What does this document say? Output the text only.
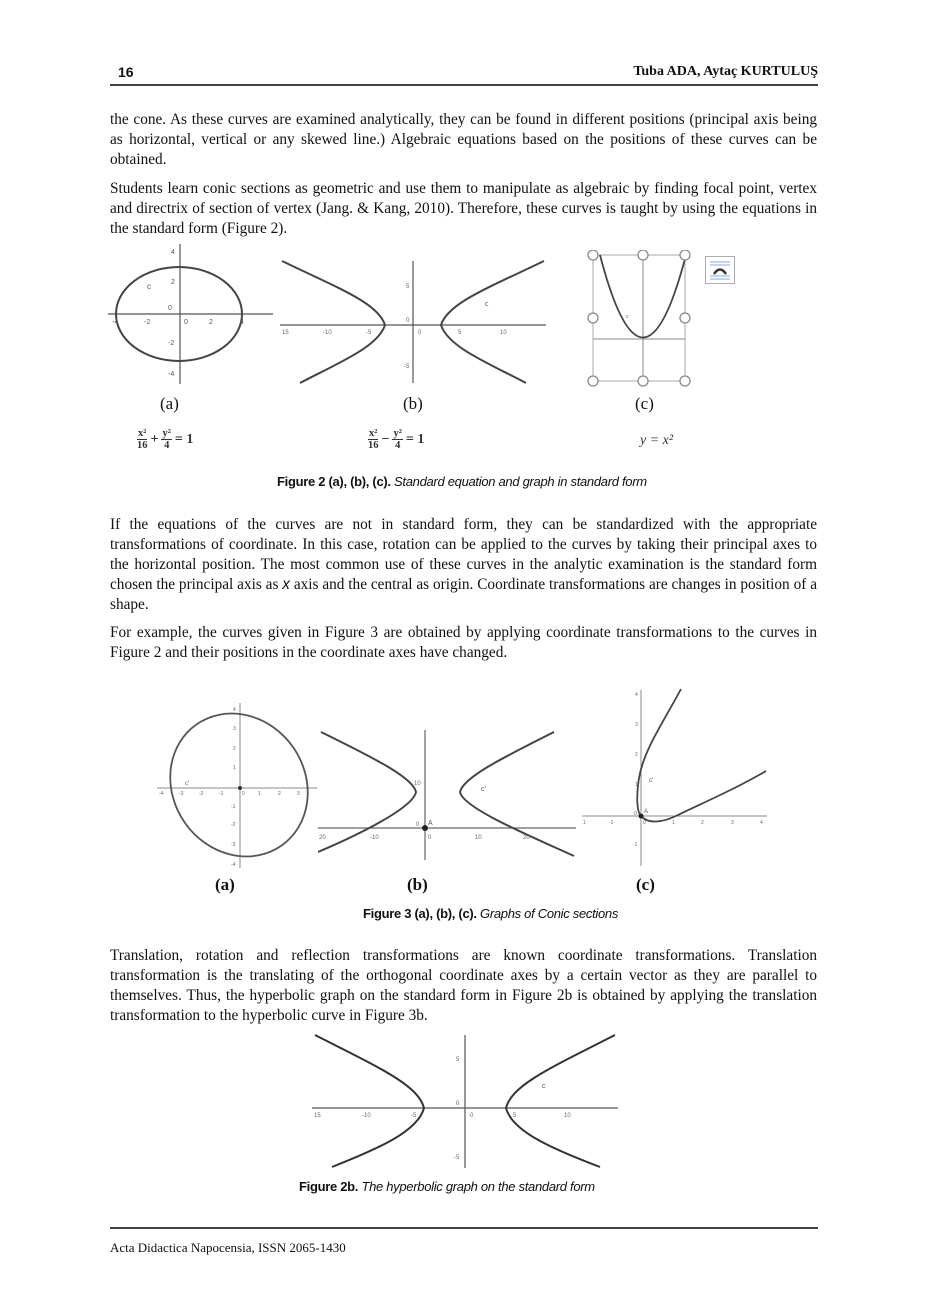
16	Tuba ADA, Aytaç KURTULUŞ

the cone. As these curves are examined analytically, they can be found in different positions (principal axis being as horizontal, vertical or any skewed line.) Algebraic equations based on the positions of these curves can be obtained.

Students learn conic sections as geometric and use them to manipulate as algebraic by finding focal point, vertex and directrix of section of vertex (Jang. & Kang, 2010). Therefore, these curves is taught by using the equations in the standard form (Figure 2).

4
2
0
-2
-4
-4	-2	0	2	4
c
(a)
$\frac{\text{x²}}{16} + \frac{\text{y²}}{4} = 1$
5
0
-5
15	-10	-5	0	5	10
c
(b)
$\frac{\text{x²}}{16} - \frac{\text{y²}}{4} = 1$
c
(c)
y = x²
Figure 2 (a), (b), (c). Standard equation and graph in standard form

If the equations of the curves are not in standard form, they can be standardized with the appropriate transformations of coordinate. In this case, rotation can be applied to the curves by taking their principal axes to the horizontal position. The most common use of these curves in the analytic examination is the standard form chosen the principal axis as x axis and the central as origin. Coordinate transformations are changes in position of a shape.

For example, the curves given in Figure 3 are obtained by applying coordinate transformations to the curves in Figure 2 and their positions in the coordinate axes have changed.

4
3
2
1
-1
-2
-3
-4
-4	-3	-2	-1	0	1	2	3
c'
(a)
10
0
20	-10	0	10	20
A
c'
(b)
4
3
2
1
0
-1
1	-1	0	1	2	3	4
A
c'
(c)
Figure 3 (a), (b), (c). Graphs of Conic sections

Translation, rotation and reflection transformations are known coordinate transformations. Translation transformation is the translating of the orthogonal coordinate axes by a certain vector as they are parallel to themselves. Thus, the hyperbolic graph on the standard form in Figure 2b is obtained by applying the translation transformation to the hyperbolic curve in Figure 3b.

5
0
-5
15	-10	-5	0	5	10
c
Figure 2b. The hyperbolic graph on the standard form
Acta Didactica Napocensia, ISSN 2065-1430
